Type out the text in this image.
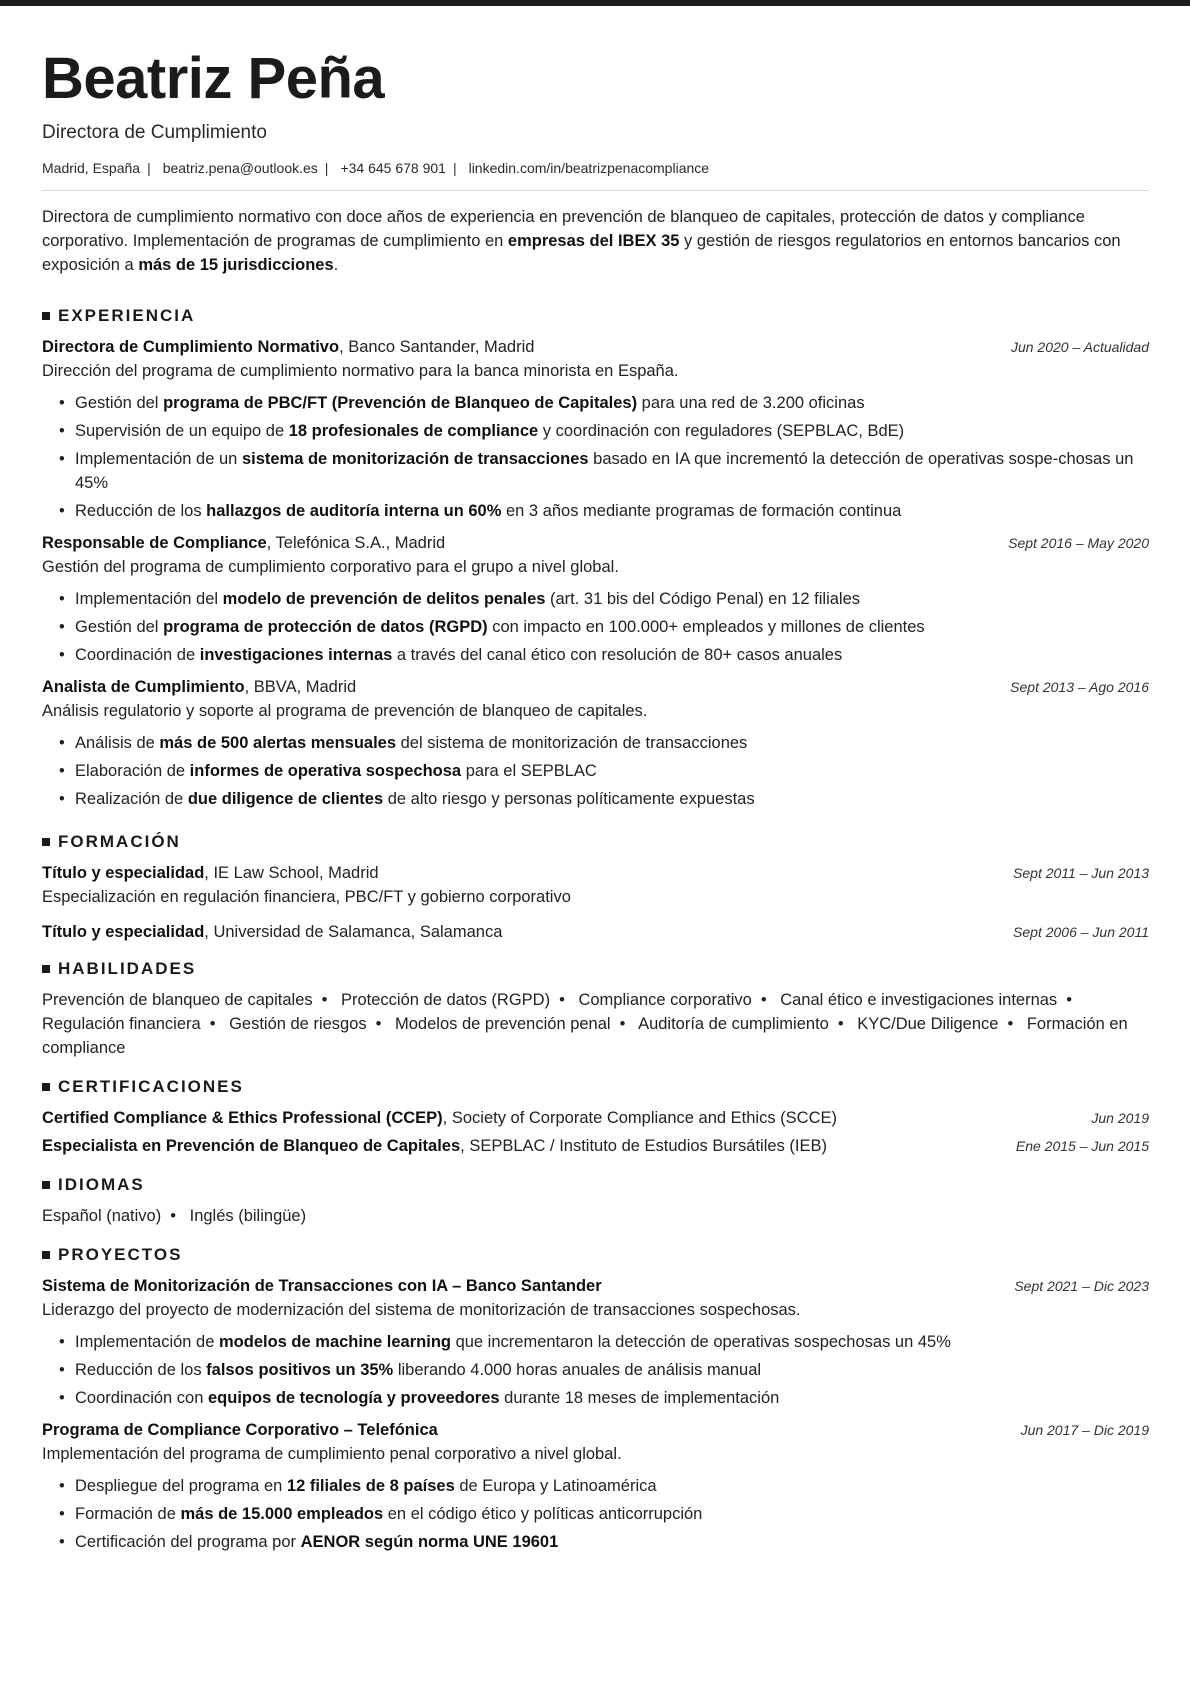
Beatriz Peña
Directora de Cumplimiento
Madrid, España | beatriz.pena@outlook.es | +34 645 678 901 | linkedin.com/in/beatrizpenacompliance

Directora de cumplimiento normativo con doce años de experiencia en prevención de blanqueo de capitales, protección de datos y compliance corporativo. Implementación de programas de cumplimiento en empresas del IBEX 35 y gestión de riesgos regulatorios en entornos bancarios con exposición a más de 15 jurisdicciones.

EXPERIENCIA
Directora de Cumplimiento Normativo, Banco Santander, Madrid	Jun 2020 – Actualidad
Dirección del programa de cumplimiento normativo para la banca minorista en España.
• Gestión del programa de PBC/FT (Prevención de Blanqueo de Capitales) para una red de 3.200 oficinas
• Supervisión de un equipo de 18 profesionales de compliance y coordinación con reguladores (SEPBLAC, BdE)
• Implementación de un sistema de monitorización de transacciones basado en IA que incrementó la detección de operativas sospe-chosas un 45%
• Reducción de los hallazgos de auditoría interna un 60% en 3 años mediante programas de formación continua
Responsable de Compliance, Telefónica S.A., Madrid	Sept 2016 – May 2020
Gestión del programa de cumplimiento corporativo para el grupo a nivel global.
• Implementación del modelo de prevención de delitos penales (art. 31 bis del Código Penal) en 12 filiales
• Gestión del programa de protección de datos (RGPD) con impacto en 100.000+ empleados y millones de clientes
• Coordinación de investigaciones internas a través del canal ético con resolución de 80+ casos anuales
Analista de Cumplimiento, BBVA, Madrid	Sept 2013 – Ago 2016
Análisis regulatorio y soporte al programa de prevención de blanqueo de capitales.
• Análisis de más de 500 alertas mensuales del sistema de monitorización de transacciones
• Elaboración de informes de operativa sospechosa para el SEPBLAC
• Realización de due diligence de clientes de alto riesgo y personas políticamente expuestas
FORMACIÓN
Título y especialidad, IE Law School, Madrid	Sept 2011 – Jun 2013
Especialización en regulación financiera, PBC/FT y gobierno corporativo
Título y especialidad, Universidad de Salamanca, Salamanca	Sept 2006 – Jun 2011
HABILIDADES
Prevención de blanqueo de capitales • Protección de datos (RGPD) • Compliance corporativo • Canal ético e investigaciones internas • Regulación financiera • Gestión de riesgos • Modelos de prevención penal • Auditoría de cumplimiento • KYC/Due Diligence • Formación en compliance
CERTIFICACIONES
Certified Compliance & Ethics Professional (CCEP), Society of Corporate Compliance and Ethics (SCCE)	Jun 2019
Especialista en Prevención de Blanqueo de Capitales, SEPBLAC / Instituto de Estudios Bursátiles (IEB)	Ene 2015 – Jun 2015
IDIOMAS
Español (nativo) • Inglés (bilingüe)
PROYECTOS
Sistema de Monitorización de Transacciones con IA – Banco Santander	Sept 2021 – Dic 2023
Liderazgo del proyecto de modernización del sistema de monitorización de transacciones sospechosas.
• Implementación de modelos de machine learning que incrementaron la detección de operativas sospechosas un 45%
• Reducción de los falsos positivos un 35% liberando 4.000 horas anuales de análisis manual
• Coordinación con equipos de tecnología y proveedores durante 18 meses de implementación
Programa de Compliance Corporativo – Telefónica	Jun 2017 – Dic 2019
Implementación del programa de cumplimiento penal corporativo a nivel global.
• Despliegue del programa en 12 filiales de 8 países de Europa y Latinoamérica
• Formación de más de 15.000 empleados en el código ético y políticas anticorrupción
• Certificación del programa por AENOR según norma UNE 19601
